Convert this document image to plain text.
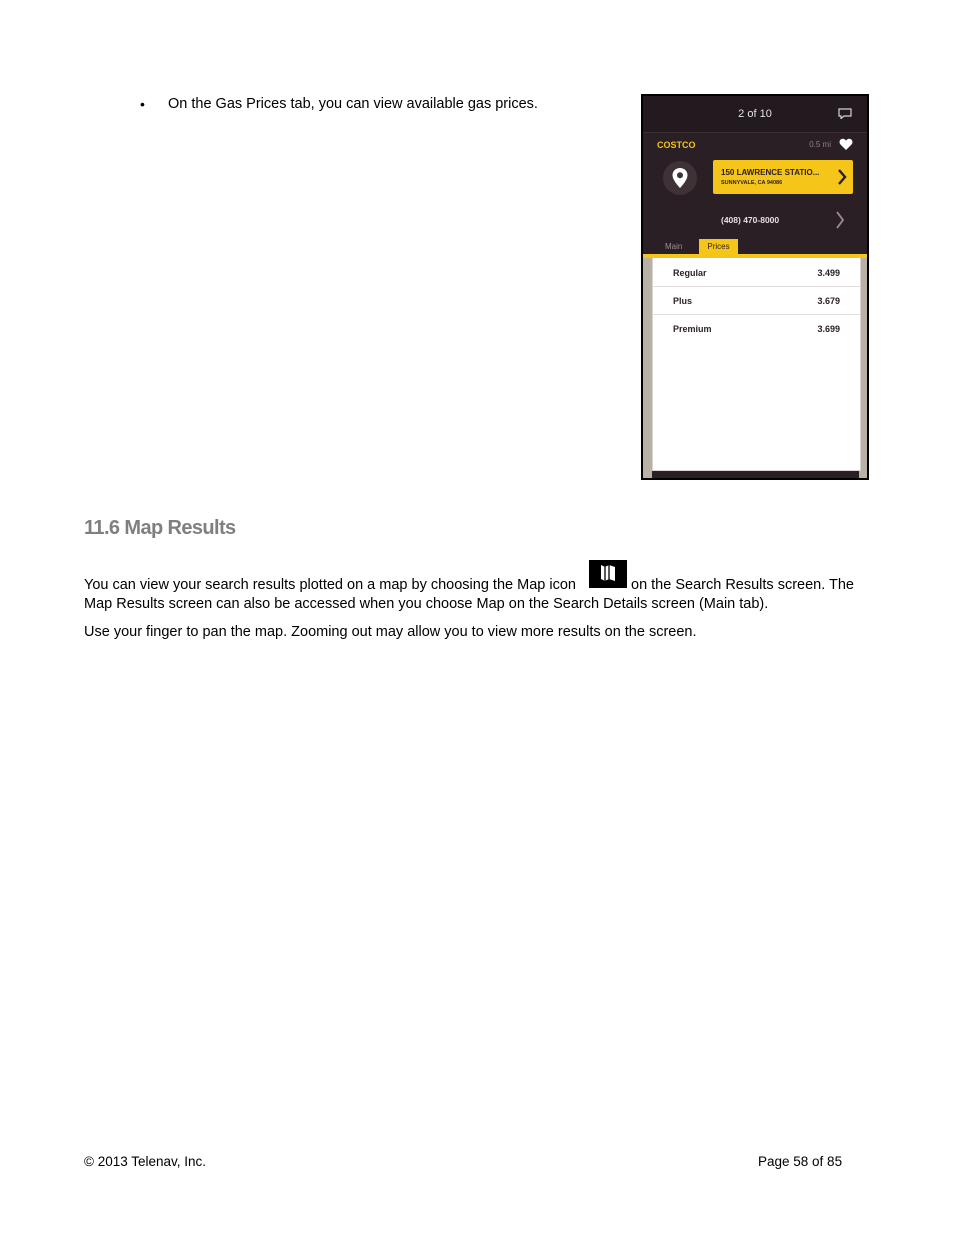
• On the Gas Prices tab, you can view available gas prices.
2 of 10
COSTCO	0.5 mi
150 LAWRENCE STATIO...
SUNNYVALE, CA 94086
(408) 470-8000
Main	Prices
Regular	3.499
Plus	3.679
Premium	3.699
11.6 Map Results
You can view your search results plotted on a map by choosing the Map icon	on the Search Results screen. The
Map Results screen can also be accessed when you choose Map on the Search Details screen (Main tab).
Use your finger to pan the map. Zooming out may allow you to view more results on the screen.
© 2013 Telenav, Inc.	Page 58 of 85
